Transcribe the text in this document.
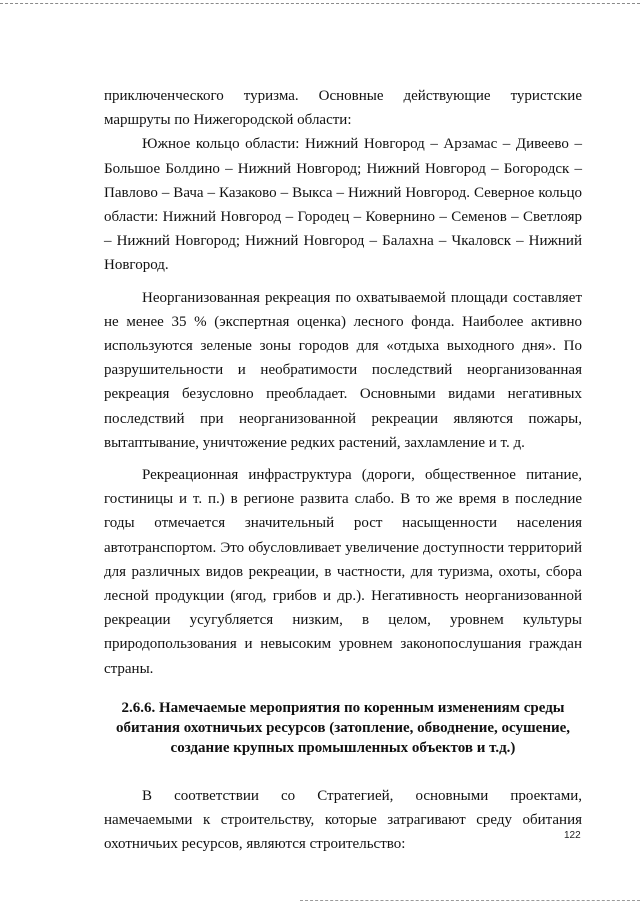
приключенческого туризма. Основные действующие туристские маршруты по Нижегородской области:

Южное кольцо области: Нижний Новгород – Арзамас – Дивеево – Большое Болдино – Нижний Новгород; Нижний Новгород – Богородск – Павлово – Вача – Казаково – Выкса – Нижний Новгород. Северное кольцо области: Нижний Новгород – Городец – Ковернино – Семенов – Светлояр – Нижний Новгород; Нижний Новгород – Балахна – Чкаловск – Нижний Новгород.

Неорганизованная рекреация по охватываемой площади составляет не менее 35 % (экспертная оценка) лесного фонда. Наиболее активно используются зеленые зоны городов для «отдыха выходного дня». По разрушительности и необратимости последствий неорганизованная рекреация безусловно преобладает. Основными видами негативных последствий при неорганизованной рекреации являются пожары, вытаптывание, уничтожение редких растений, захламление и т. д.

Рекреационная инфраструктура (дороги, общественное питание, гостиницы и т. п.) в регионе развита слабо. В то же время в последние годы отмечается значительный рост насыщенности населения автотранспортом. Это обусловливает увеличение доступности территорий для различных видов рекреации, в частности, для туризма, охоты, сбора лесной продукции (ягод, грибов и др.). Негативность неорганизованной рекреации усугубляется низким, в целом, уровнем культуры природопользования и невысоким уровнем законопослушания граждан страны.

2.6.6. Намечаемые мероприятия по коренным изменениям среды обитания охотничьих ресурсов (затопление, обводнение, осушение, создание крупных промышленных объектов и т.д.)

В соответствии со Стратегией, основными проектами, намечаемыми к строительству, которые затрагивают среду обитания охотничьих ресурсов, являются строительство:

122
